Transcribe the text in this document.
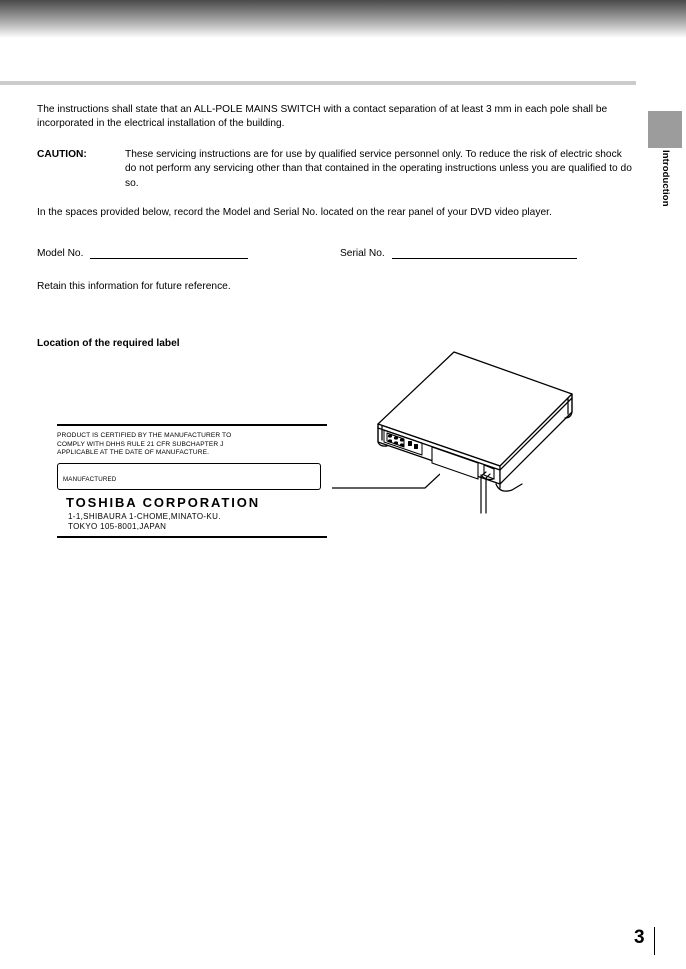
Introduction
The instructions shall state that an ALL-POLE MAINS SWITCH with a contact separation of at least 3 mm in each pole shall be incorporated in the electrical installation of the building.
CAUTION:	These servicing instructions are for use by qualified service personnel only. To reduce the risk of electric shock do not perform any servicing other than that contained in the operating instructions unless you are qualified to do so.
In the spaces provided below, record the Model and Serial No. located on the rear panel of your DVD video player.
Model No.	Serial No.
Retain this information for future reference.
Location of the required label
PRODUCT IS CERTIFIED BY THE MANUFACTURER TO
COMPLY WITH DHHS RULE 21 CFR SUBCHAPTER J
APPLICABLE AT THE DATE OF MANUFACTURE.
MANUFACTURED
TOSHIBA CORPORATION
1-1,SHIBAURA 1-CHOME,MINATO-KU.
TOKYO 105-8001,JAPAN
3
